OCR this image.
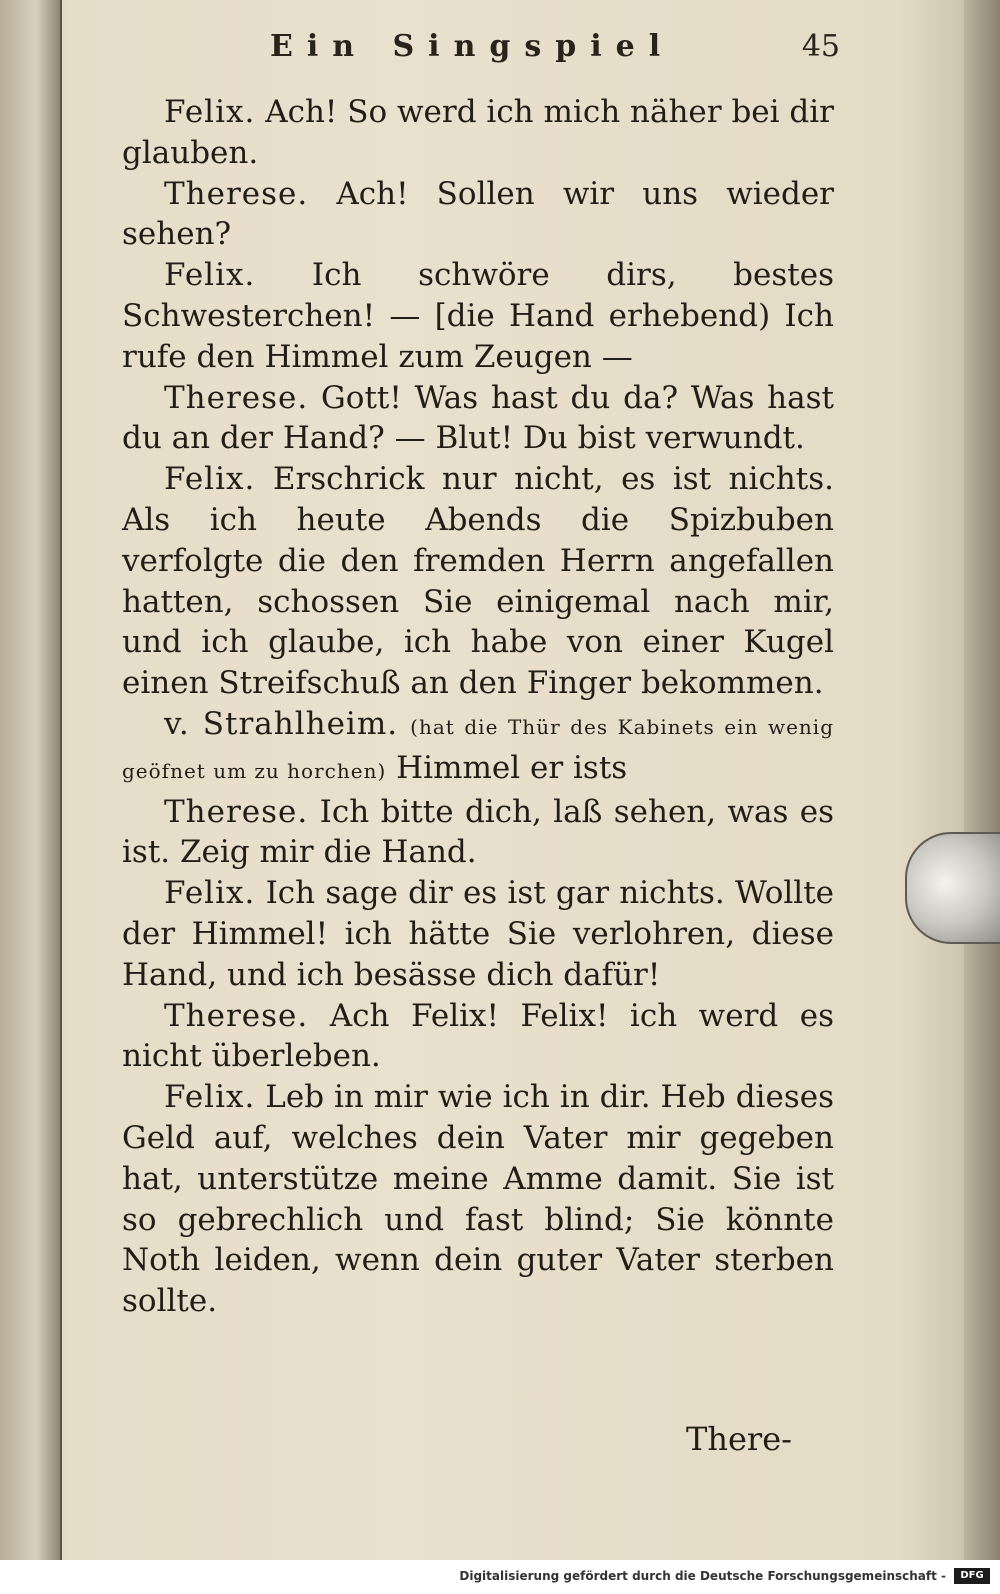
Ein Singspiel	45

Felix. Ach! So werd ich mich näher bei dir glauben.

Therese. Ach! Sollen wir uns wieder sehen?

Felix. Ich schwöre dirs, bestes Schwesterchen! — [die Hand erhebend) Ich rufe den Himmel zum Zeugen —

Therese. Gott! Was hast du da? Was hast du an der Hand? — Blut! Du bist verwundt.

Felix. Erschrick nur nicht, es ist nichts. Als ich heute Abends die Spizbuben verfolgte die den fremden Herrn angefallen hatten, schossen Sie einigemal nach mir, und ich glaube, ich habe von einer Kugel einen Streifschuß an den Finger bekommen.

v. Strahlheim. (hat die Thür des Kabinets ein wenig geöfnet um zu horchen) Himmel er ists

Therese. Ich bitte dich, laß sehen, was es ist. Zeig mir die Hand.

Felix. Ich sage dir es ist gar nichts. Wollte der Himmel! ich hätte Sie verlohren, diese Hand, und ich besässe dich dafür!

Therese. Ach Felix! Felix! ich werd es nicht überleben.

Felix. Leb in mir wie ich in dir. Heb dieses Geld auf, welches dein Vater mir gegeben hat, unterstütze meine Amme damit. Sie ist so gebrechlich und fast blind; Sie könnte Noth leiden, wenn dein guter Vater sterben sollte.

There-
Digitalisierung gefördert durch die Deutsche Forschungsgemeinschaft -	DFG
